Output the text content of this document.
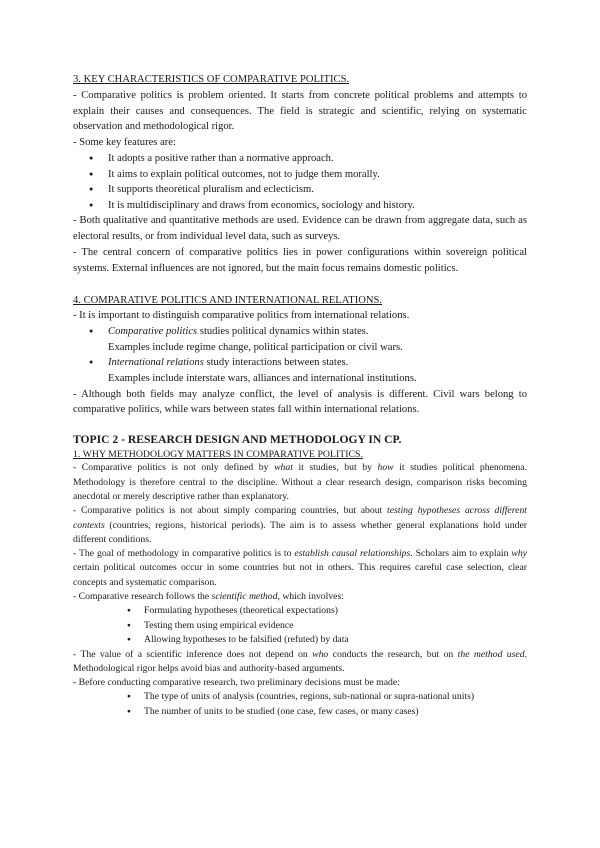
3. KEY CHARACTERISTICS OF COMPARATIVE POLITICS.

- Comparative politics is problem oriented. It starts from concrete political problems and attempts to explain their causes and consequences. The field is strategic and scientific, relying on systematic observation and methodological rigor.

- Some key features are:

● It adopts a positive rather than a normative approach.
● It aims to explain political outcomes, not to judge them morally.
● It supports theoretical pluralism and eclecticism.
● It is multidisciplinary and draws from economics, sociology and history.

- Both qualitative and quantitative methods are used. Evidence can be drawn from aggregate data, such as electoral results, or from individual level data, such as surveys.

- The central concern of comparative politics lies in power configurations within sovereign political systems. External influences are not ignored, but the main focus remains domestic politics.

4. COMPARATIVE POLITICS AND INTERNATIONAL RELATIONS.

- It is important to distinguish comparative politics from international relations.

● Comparative politics studies political dynamics within states.

Examples include regime change, political participation or civil wars.

● International relations study interactions between states.

Examples include interstate wars, alliances and international institutions.

- Although both fields may analyze conflict, the level of analysis is different. Civil wars belong to comparative politics, while wars between states fall within international relations.

TOPIC 2 - RESEARCH DESIGN AND METHODOLOGY IN CP.

1. WHY METHODOLOGY MATTERS IN COMPARATIVE POLITICS.

- Comparative politics is not only defined by what it studies, but by how it studies political phenomena. Methodology is therefore central to the discipline. Without a clear research design, comparison risks becoming anecdotal or merely descriptive rather than explanatory.

- Comparative politics is not about simply comparing countries, but about testing hypotheses across different contexts (countries, regions, historical periods). The aim is to assess whether general explanations hold under different conditions.

- The goal of methodology in comparative politics is to establish causal relationships. Scholars aim to explain why certain political outcomes occur in some countries but not in others. This requires careful case selection, clear concepts and systematic comparison.

- Comparative research follows the scientific method, which involves:

● Formulating hypotheses (theoretical expectations)
● Testing them using empirical evidence
● Allowing hypotheses to be falsified (refuted) by data

- The value of a scientific inference does not depend on who conducts the research, but on the method used. Methodological rigor helps avoid bias and authority-based arguments.

- Before conducting comparative research, two preliminary decisions must be made:

● The type of units of analysis (countries, regions, sub-national or supra-national units)
● The number of units to be studied (one case, few cases, or many cases)
